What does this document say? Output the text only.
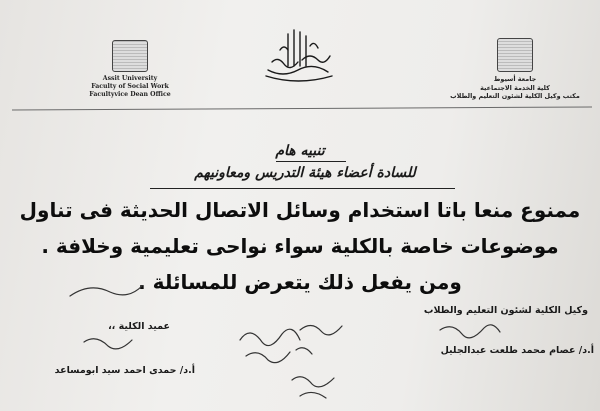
Assit University
Faculty of Social Work
Facultyvice Dean Office
جامعة أسيوط
كلية الخدمة الاجتماعية
مكتب وكيل الكلية لشئون التعليم والطلاب
تنبيه هام
للسادة أعضاء هيئة التدريس ومعاونيهم
ممنوع منعا باتا استخدام وسائل الاتصال الحديثة فى تناول
موضوعات خاصة بالكلية سواء نواحى تعليمية وخلافة .
ومن يفعل ذلك يتعرض للمسائلة .
وكيل الكلية لشئون التعليم والطلاب
أ.د/ عصام محمد طلعت عبدالجليل
عميد الكلية ،،
أ.د/ حمدى احمد سيد ابومساعد
